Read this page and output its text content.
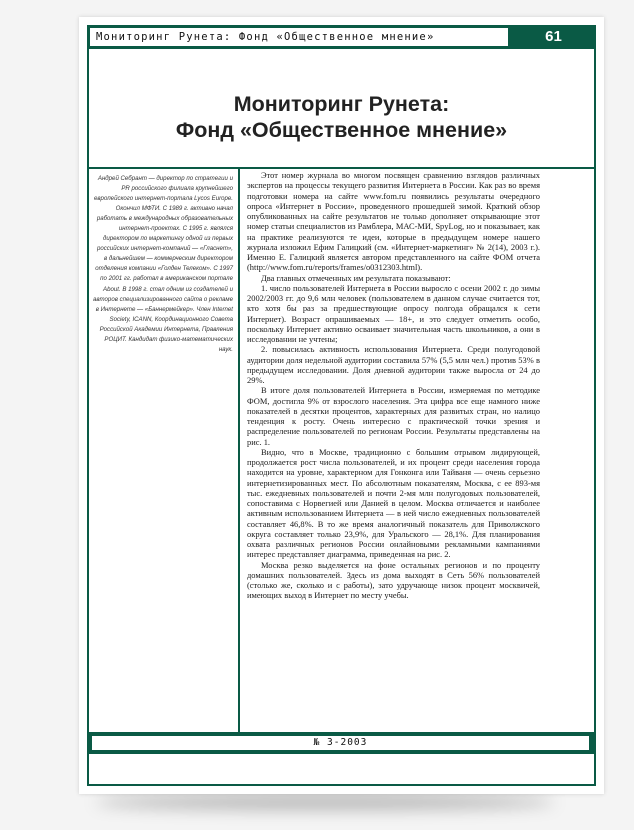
Мониторинг Рунета: Фонд «Общественное мнение»	61
Мониторинг Рунета:
Фонд «Общественное мнение»

Андрей Себрант — директор по стратегии и PR российского филиала крупнейшего европейского интернет-портала Lycos Europe. Окончил МФТИ. С 1989 г. активно начал работать в международных образовательных интернет-проектах. С 1995 г. являлся директором по маркетингу одной из первых российских интернет-компаний — «Гласнет», в дальнейшем — коммерческим директором отделения компании «Голден Телеком». С 1997 по 2001 гг. работал в американском портале About. В 1998 г. стал одним из создателей и авторов специализированного сайта о рекламе в Интернете — «Баннермейкер». Член Internet Society, ICANN, Координационного Совета Российской Академии Интернета, Правления РОЦИТ. Кандидат физико-математических наук.

Этот номер журнала во многом посвящен сравнению взглядов различных экспертов на процессы текущего развития Интернета в России. Как раз во время подготовки номера на сайте www.fom.ru появились результаты очередного опроса «Интернет в России», проведенного прошедшей зимой. Краткий обзор опубликованных на сайте результатов не только дополняет открывающие этот номер статьи специалистов из Рамблера, МАС-МИ, SpyLog, но и показывает, как на практике реализуются те идеи, которые в предыдущем номере нашего журнала изложил Ефим Галицкий (см. «Интернет-маркетинг» № 2(14), 2003 г.). Именно Е. Галицкий является автором представленного на сайте ФОМ отчета (http://www.fom.ru/reports/frames/o0312303.html).

Два главных отмеченных им результата показывают:

1. число пользователей Интернета в России выросло с осени 2002 г. до зимы 2002/2003 гг. до 9,6 млн человек (пользователем в данном случае считается тот, кто хотя бы раз за предшествующие опросу полгода обращался к сети Интернет). Возраст опрашиваемых — 18+, и это следует отметить особо, поскольку Интернет активно осваивает значительная часть школьников, а они в исследовании не учтены;

2. повысилась активность использования Интернета. Среди полугодовой аудитории доля недельной аудитории составила 57% (5,5 млн чел.) против 53% в предыдущем исследовании. Доля дневной аудитории также выросла от 24 до 29%.

В итоге доля пользователей Интернета в России, измеряемая по методике ФОМ, достигла 9% от взрослого населения. Эта цифра все еще намного ниже показателей в десятки процентов, характерных для развитых стран, но налицо тенденция к росту. Очень интересно с практической точки зрения и распределение пользователей по регионам России. Результаты представлены на рис. 1.

Видно, что в Москве, традиционно с большим отрывом лидирующей, продолжается рост числа пользователей, и их процент среди населения города находится на уровне, характерном для Гонконга или Тайваня — очень серьезно интернетизированных мест. По абсолютным показателям, Москва, с ее 893-мя тыс. ежедневных пользователей и почти 2-мя млн полугодовых пользователей, сопоставима с Норвегией или Данией в целом. Москва отличается и наиболее активным использованием Интернета — в ней число ежедневных пользователей составляет 46,8%. В то же время аналогичный показатель для Приволжского округа составляет только 23,9%, для Уральского — 28,1%. Для планирования охвата различных регионов России онлайновыми рекламными кампаниями интерес представляет диаграмма, приведенная на рис. 2.

Москва резко выделяется на фоне остальных регионов и по проценту домашних пользователей. Здесь из дома выходят в Сеть 56% пользователей (столько же, сколько и с работы), зато удручающе низок процент москвичей, имеющих выход в Интернет по месту учебы.

№ 3-2003
